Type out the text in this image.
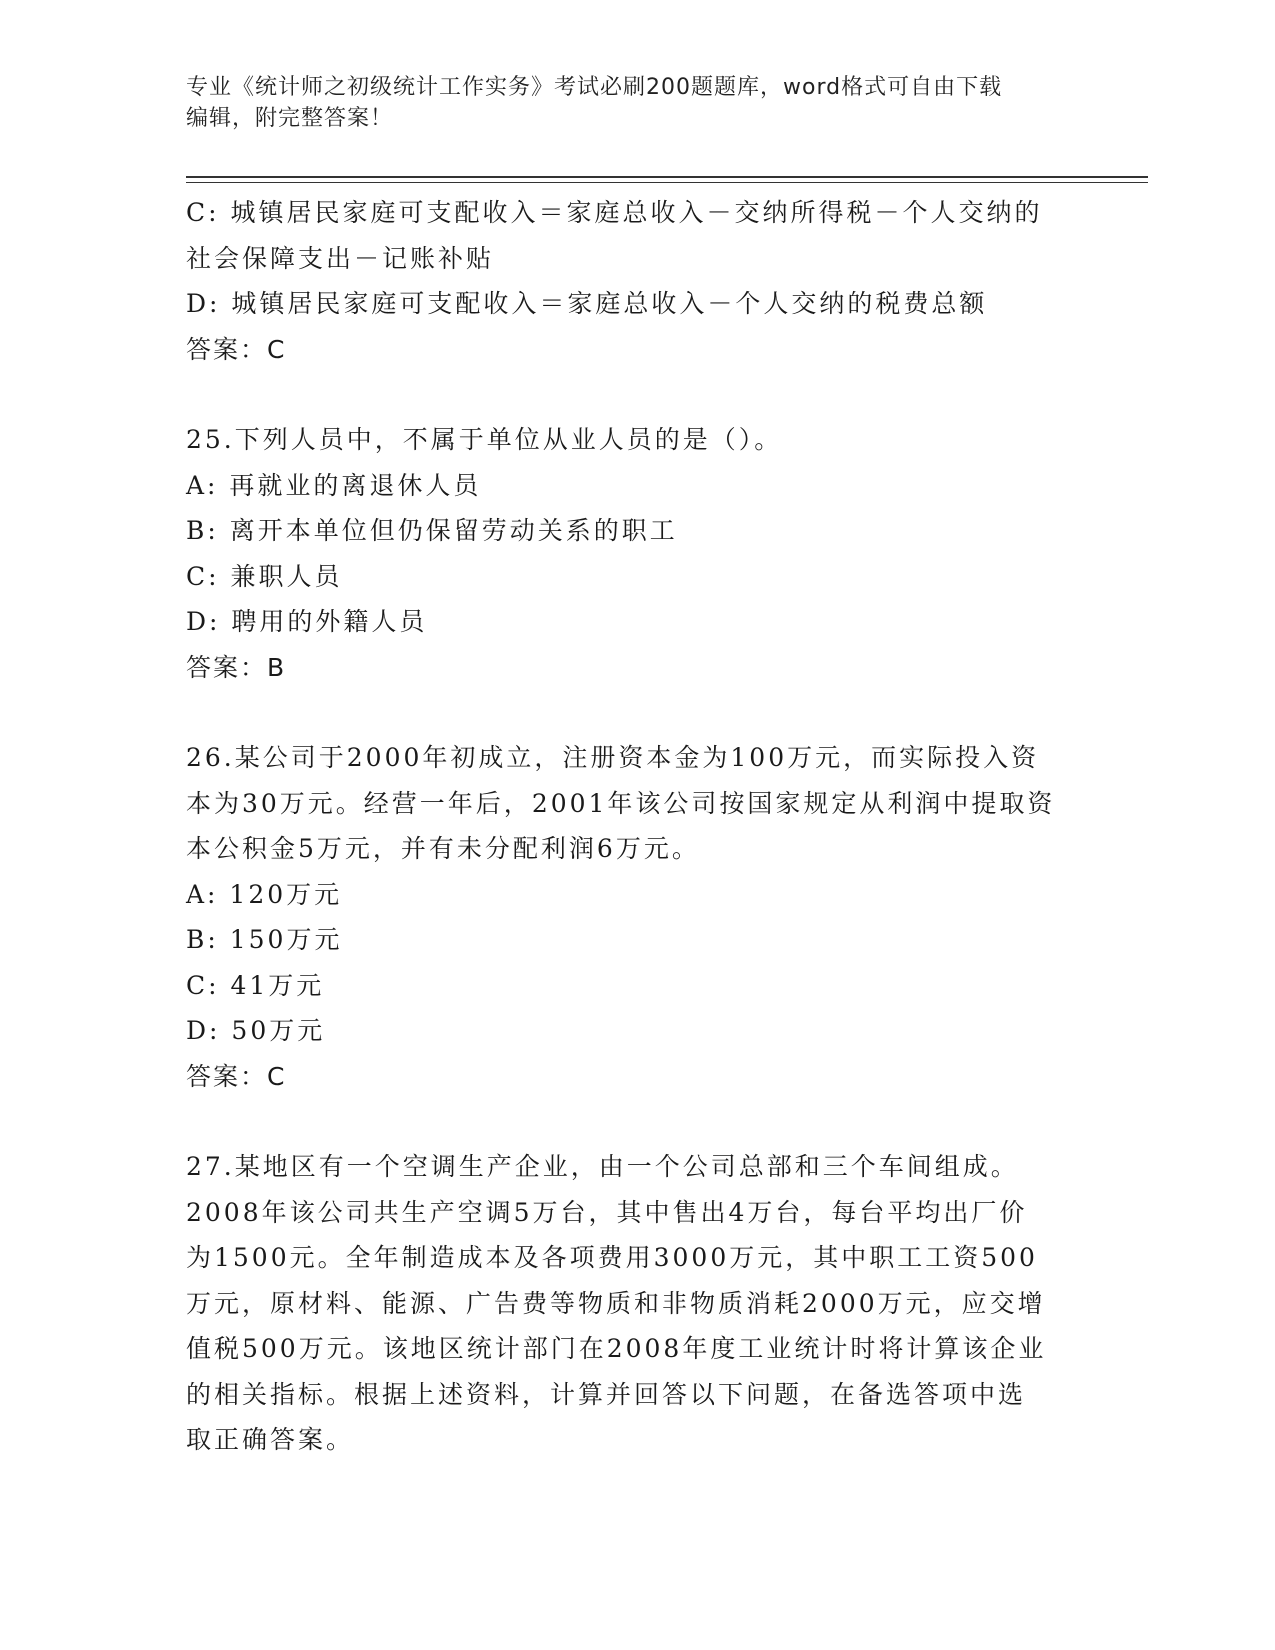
专业《统计师之初级统计工作实务》考试必刷200题题库，word格式可自由下载
编辑，附完整答案！
C: 城镇居民家庭可支配收入＝家庭总收入－交纳所得税－个人交纳的
社会保障支出－记账补贴
D: 城镇居民家庭可支配收入＝家庭总收入－个人交纳的税费总额
答案：C
25.下列人员中，不属于单位从业人员的是（）。
A: 再就业的离退休人员
B: 离开本单位但仍保留劳动关系的职工
C: 兼职人员
D: 聘用的外籍人员
答案：B
26.某公司于2000年初成立，注册资本金为100万元，而实际投入资
本为30万元。经营一年后，2001年该公司按国家规定从利润中提取资
本公积金5万元，并有未分配利润6万元。
A: 120万元
B: 150万元
C: 41万元
D: 50万元
答案：C
27.某地区有一个空调生产企业，由一个公司总部和三个车间组成。
2008年该公司共生产空调5万台，其中售出4万台，每台平均出厂价
为1500元。全年制造成本及各项费用3000万元，其中职工工资500
万元，原材料、能源、广告费等物质和非物质消耗2000万元，应交增
值税500万元。该地区统计部门在2008年度工业统计时将计算该企业
的相关指标。根据上述资料，计算并回答以下问题，在备选答项中选
取正确答案。
